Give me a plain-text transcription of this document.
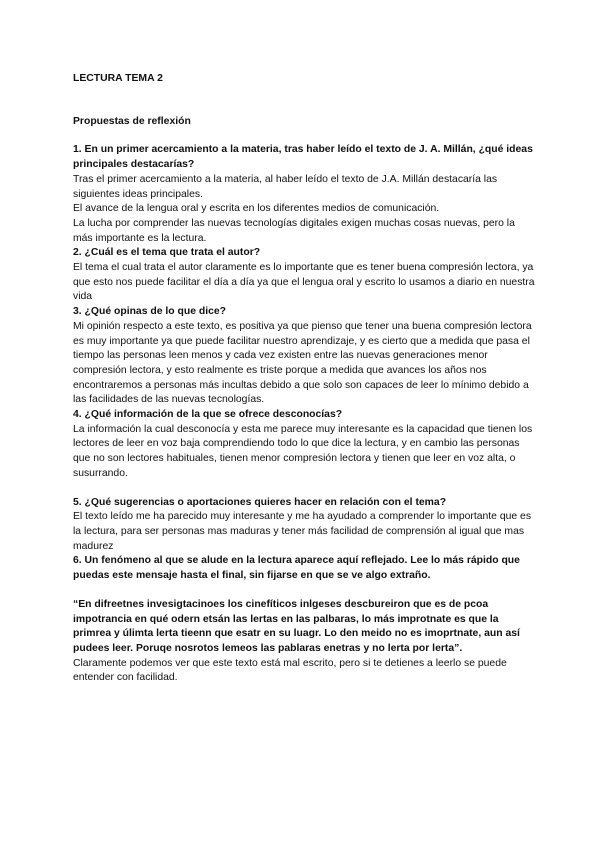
LECTURA TEMA 2

Propuestas de reflexión

1. En un primer acercamiento a la materia, tras haber leído el texto de J. A. Millán, ¿qué ideas principales destacarías?

Tras el primer acercamiento a la materia, al haber leído el texto de J.A. Millán destacaría las siguientes ideas principales.

El avance de la lengua oral y escrita en los diferentes medios de comunicación.

La lucha por comprender las nuevas tecnologías digitales exigen muchas cosas nuevas, pero la más importante es la lectura.

2. ¿Cuál es el tema que trata el autor?

El tema el cual trata el autor claramente es lo importante que es tener buena compresión lectora, ya que esto nos puede facilitar el día a día ya que el lengua oral y escrito lo usamos a diario en nuestra vida

3. ¿Qué opinas de lo que dice?

Mi opinión respecto a este texto, es positiva ya que pienso que tener una buena compresión lectora es muy importante ya que puede facilitar nuestro aprendizaje, y es cierto que a medida que pasa el tiempo las personas leen menos y cada vez existen entre las nuevas generaciones menor compresión lectora, y esto realmente es triste porque a medida que avances los años nos encontraremos a personas más incultas debido a que solo son capaces de leer lo mínimo debido a las facilidades de las nuevas tecnologías.

4. ¿Qué información de la que se ofrece desconocías?

La información la cual desconocía y esta me parece muy interesante es la capacidad que tienen los lectores de leer en voz baja comprendiendo todo lo que dice la lectura, y en cambio las personas que no son lectores habituales, tienen menor compresión lectora y tienen que leer en voz alta, o susurrando.

5. ¿Qué sugerencias o aportaciones quieres hacer en relación con el tema?

El texto leído me ha parecido muy interesante y me ha ayudado a comprender lo importante que es la lectura, para ser personas mas maduras y tener más facilidad de comprensión al igual que mas madurez

6. Un fenómeno al que se alude en la lectura aparece aquí reflejado. Lee lo más rápido que puedas este mensaje hasta el final, sin fijarse en que se ve algo extraño.

“En difreetnes invesigtacinoes los cinefíticos inlgeses descbureiron que es de pcoa impotrancia en qué odern etsán las lertas en las palbaras, lo más improtnate es que la primrea y úlimta lerta tieenn que esatr en su luagr. Lo den meido no es imoprtnate, aun así pudees leer. Poruqe nosrotos lemeos las pablaras enetras y no lerta por lerta”.

Claramente podemos ver que este texto está mal escrito, pero si te detienes a leerlo se puede entender con facilidad.
